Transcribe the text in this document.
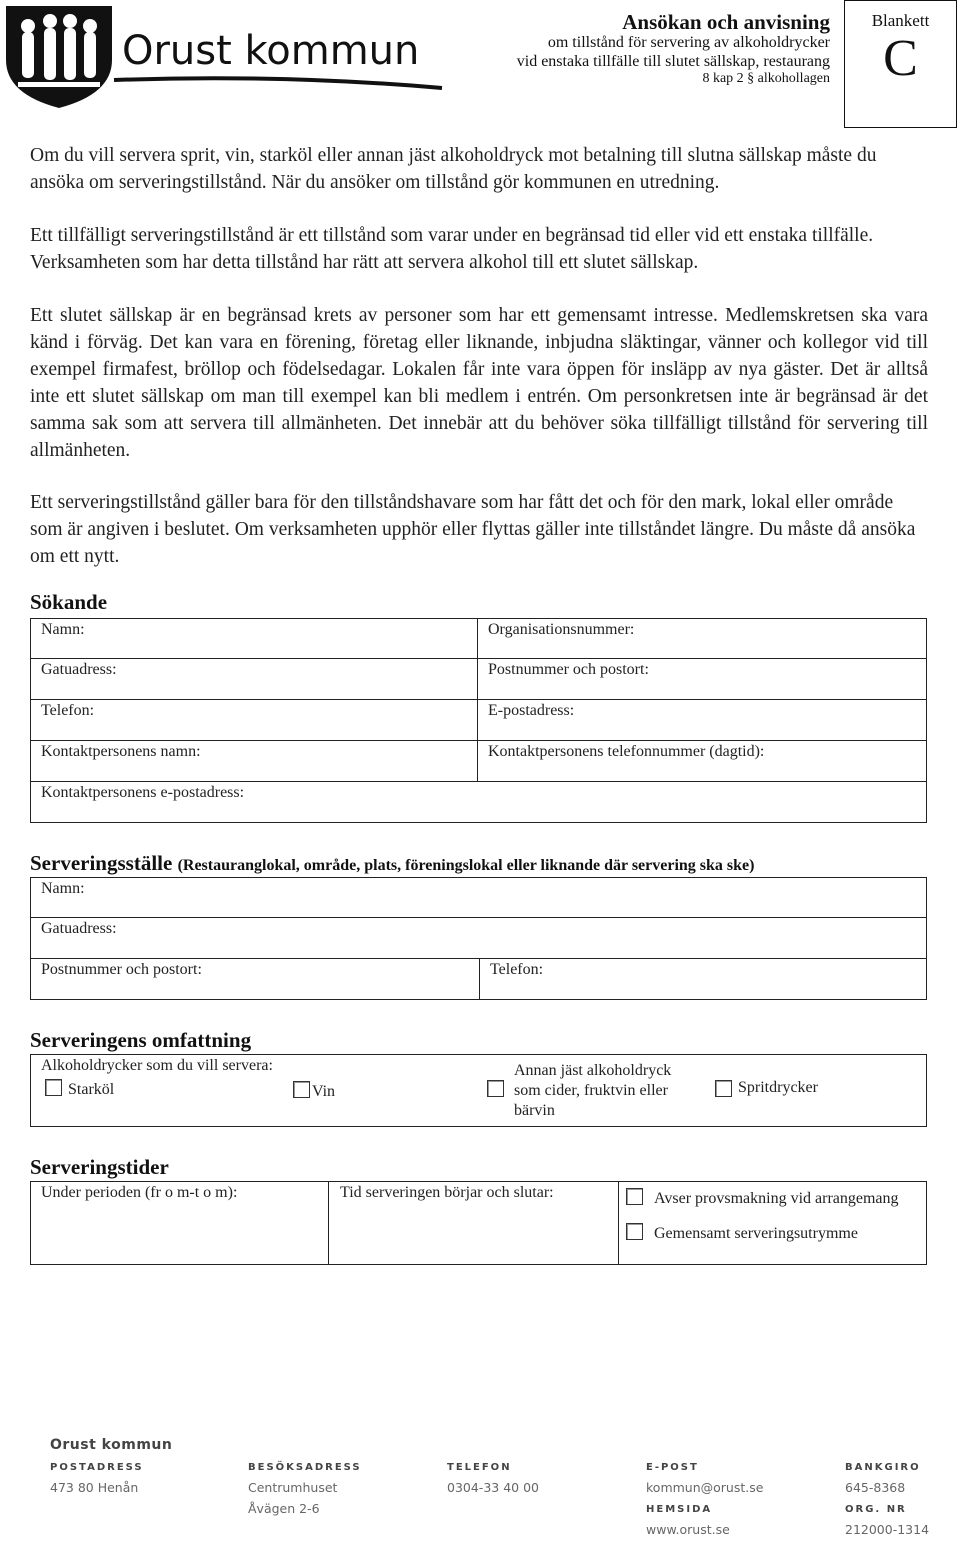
Orust kommun
Ansökan och anvisning
om tillstånd för servering av alkoholdrycker
vid enstaka tillfälle till slutet sällskap, restaurang
8 kap 2 § alkohollagen
Blankett
C
Om du vill servera sprit, vin, starköl eller annan jäst alkoholdryck mot betalning till slutna sällskap måste du ansöka om serveringstillstånd. När du ansöker om tillstånd gör kommunen en utredning.
Ett tillfälligt serveringstillstånd är ett tillstånd som varar under en begränsad tid eller vid ett enstaka tillfälle. Verksamheten som har detta tillstånd har rätt att servera alkohol till ett slutet sällskap.
Ett slutet sällskap är en begränsad krets av personer som har ett gemensamt intresse. Medlemskretsen ska vara känd i förväg. Det kan vara en förening, företag eller liknande, inbjudna släktingar, vänner och kollegor vid till exempel firmafest, bröllop och födelsedagar. Lokalen får inte vara öppen för insläpp av nya gäster. Det är alltså inte ett slutet sällskap om man till exempel kan bli medlem i entrén. Om personkretsen inte är begränsad är det samma sak som att servera till allmänheten. Det innebär att du behöver söka tillfälligt tillstånd för servering till allmänheten.
Ett serveringstillstånd gäller bara för den tillståndshavare som har fått det och för den mark, lokal eller område som är angiven i beslutet. Om verksamheten upphör eller flyttas gäller inte tillståndet längre. Du måste då ansöka om ett nytt.
Sökande
Namn:	Organisationsnummer:
Gatuadress:	Postnummer och postort:
Telefon:	E-postadress:
Kontaktpersonens namn:	Kontaktpersonens telefonnummer (dagtid):
Kontaktpersonens e-postadress:
Serveringsställe (Restauranglokal, område, plats, föreningslokal eller liknande där servering ska ske)
Namn:
Gatuadress:
Postnummer och postort:	Telefon:
Serveringens omfattning
Alkoholdrycker som du vill servera:
Starköl	Vin
Annan jäst alkoholdryck
som cider, fruktvin eller
bärvin
Spritdrycker
Serveringstider
Under perioden (fr o m-t o m):	Tid serveringen börjar och slutar:	Avser provsmakning vid arrangemang
Gemensamt serveringsutrymme
Orust kommun
POSTADRESS
473 80 Henån
BESÖKSADRESS
Centrumhuset
Åvägen 2-6
TELEFON
0304-33 40 00
E-POST
kommun@orust.se
HEMSIDA
www.orust.se
BANKGIRO
645-8368
ORG. NR
212000-1314
